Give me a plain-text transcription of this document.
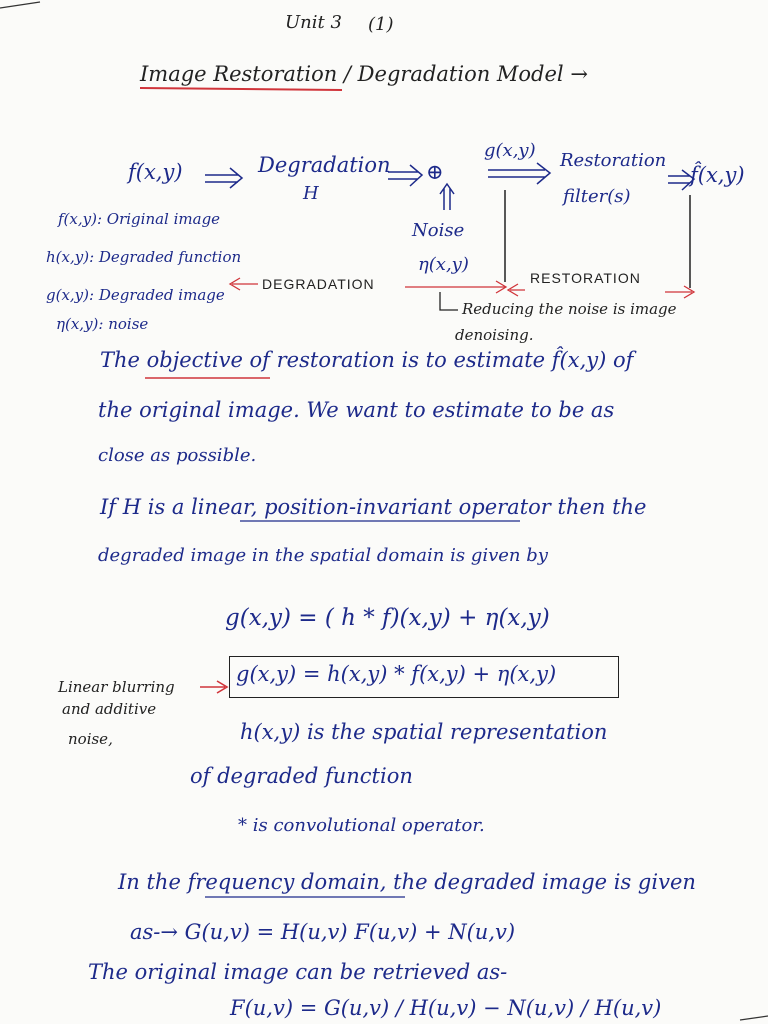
Unit 3 (1)
Image Restoration / Degradation Model →
f(x,y)	Degradation
H
⊕
Noise
η(x,y)
g(x,y) Restoration
filter(s)
f̂(x,y)
DEGRADATION	RESTORATION
Reducing the noise is image
denoising.
f(x,y): Original image
h(x,y): Degraded function
g(x,y): Degraded image
η(x,y): noise
The objective of restoration is to estimate f̂(x,y) of
the original image. We want to estimate to be as
close as possible.
If H is a linear, position-invariant operator then the
degraded image in the spatial domain is given by
g(x,y) = ( h * f)(x,y) + η(x,y)
Linear blurring
and additive
noise,
g(x,y) = h(x,y) * f(x,y) + η(x,y)
h(x,y) is the spatial representation
of degraded function
* is convolutional operator.
In the frequency domain, the degraded image is given
as-→ G(u,v) = H(u,v) F(u,v) + N(u,v)
The original image can be retrieved as-
F(u,v) = G(u,v) / H(u,v) − N(u,v) / H(u,v)
